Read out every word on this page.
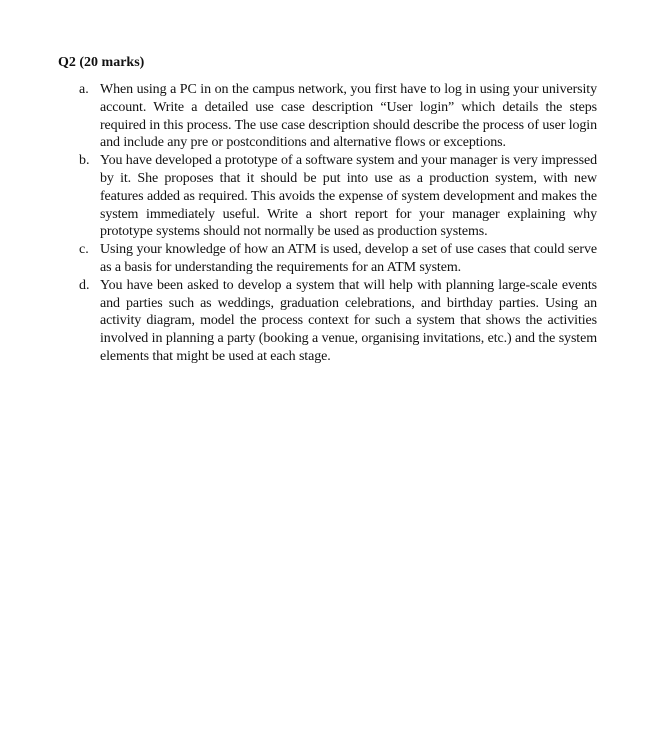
Q2 (20 marks)

a. When using a PC in on the campus network, you first have to log in using your university account. Write a detailed use case description “User login” which details the steps required in this process. The use case description should describe the process of user login and include any pre or postconditions and alternative flows or exceptions.
b. You have developed a prototype of a software system and your manager is very impressed by it. She proposes that it should be put into use as a production system, with new features added as required. This avoids the expense of system development and makes the system immediately useful. Write a short report for your manager explaining why prototype systems should not normally be used as production systems.
c. Using your knowledge of how an ATM is used, develop a set of use cases that could serve as a basis for understanding the requirements for an ATM system.
d. You have been asked to develop a system that will help with planning large-scale events and parties such as weddings, graduation celebrations, and birthday parties. Using an activity diagram, model the process context for such a system that shows the activities involved in planning a party (booking a venue, organising invitations, etc.) and the system elements that might be used at each stage.
